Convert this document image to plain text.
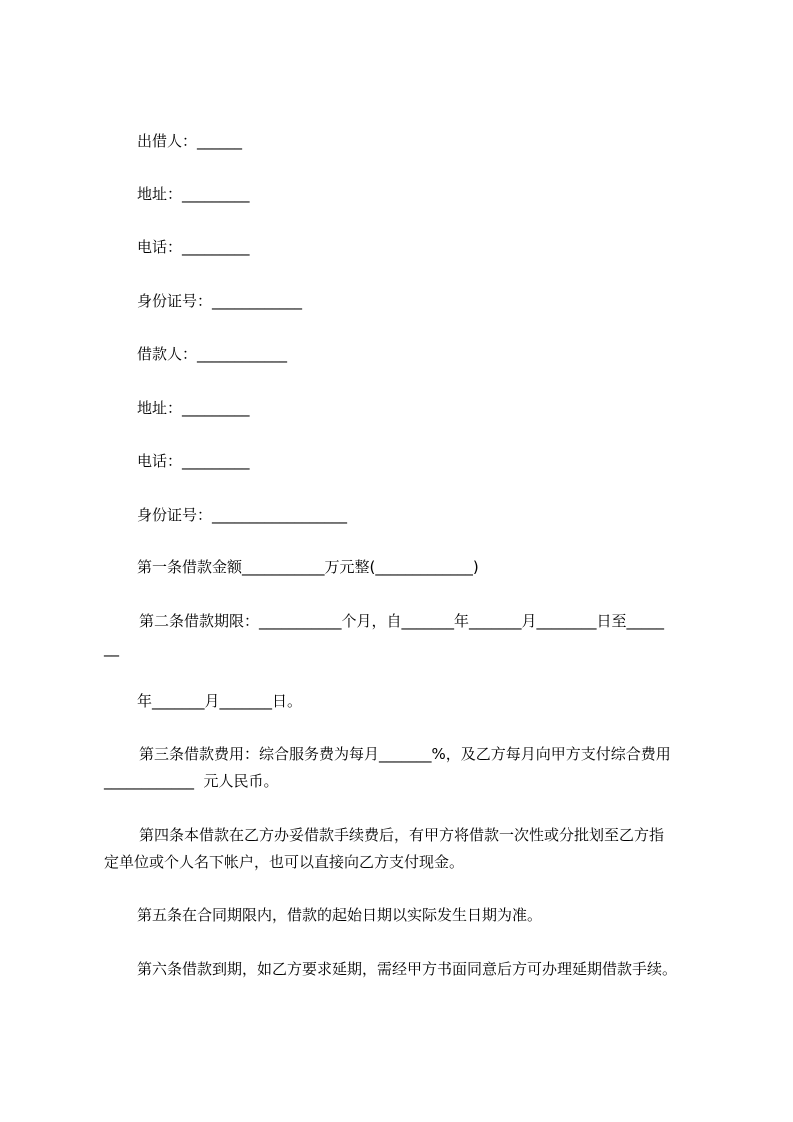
出借人：______
地址：_________
电话：_________
身份证号：____________
借款人：____________
地址：_________
电话：_________
身份证号：__________________
第一条借款金额___________万元整(_____________)
第二条借款期限：___________个月，自_______年_______月________日至_____
__
年_______月_______日。
第三条借款费用：综合服务费为每月_______%，及乙方每月向甲方支付综合费用
____________  元人民币。
第四条本借款在乙方办妥借款手续费后，有甲方将借款一次性或分批划至乙方指
定单位或个人名下帐户，也可以直接向乙方支付现金。
第五条在合同期限内，借款的起始日期以实际发生日期为准。
第六条借款到期，如乙方要求延期，需经甲方书面同意后方可办理延期借款手续。
